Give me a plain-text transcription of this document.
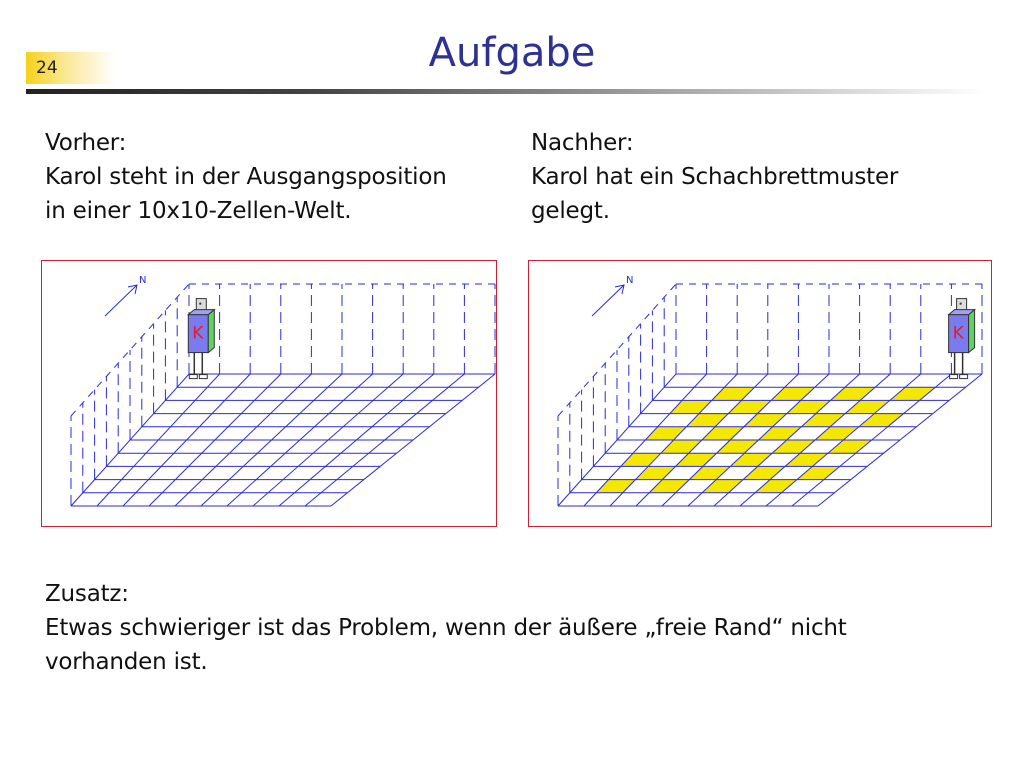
24	Aufgabe
Vorher:
Karol steht in der Ausgangsposition
in einer 10x10-Zellen-Welt.
Nachher:
Karol hat ein Schachbrettmuster
gelegt.
N
K
N
K
Zusatz:
Etwas schwieriger ist das Problem, wenn der äußere „freie Rand“ nicht
vorhanden ist.
